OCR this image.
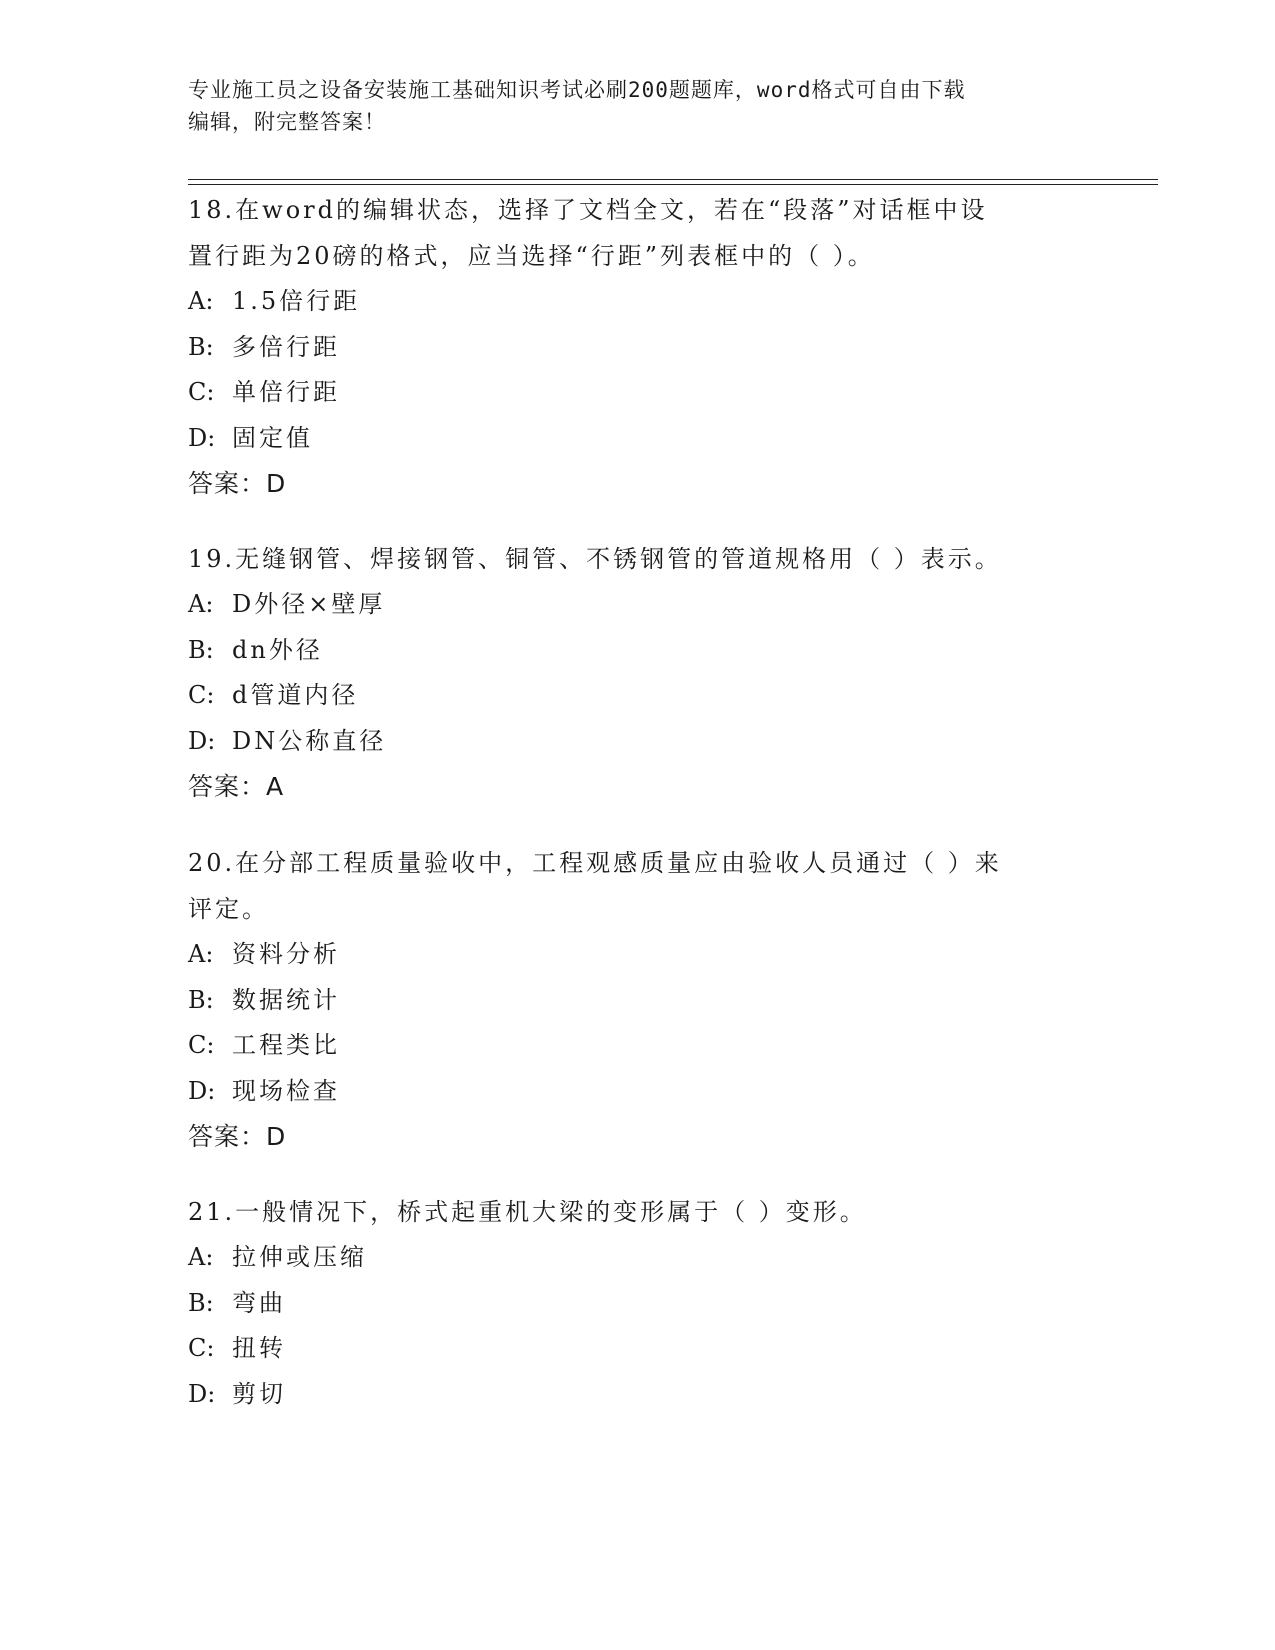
专业施工员之设备安装施工基础知识考试必刷200题题库，word格式可自由下载
编辑，附完整答案！
18.在word的编辑状态，选择了文档全文，若在“段落”对话框中设
置行距为20磅的格式，应当选择“行距”列表框中的（ ）。
A: 1.5倍行距
B: 多倍行距
C: 单倍行距
D: 固定值
答案：D
19.无缝钢管、焊接钢管、铜管、不锈钢管的管道规格用（ ）表示。
A: D外径×壁厚
B: dn外径
C: d管道内径
D: DN公称直径
答案：A
20.在分部工程质量验收中，工程观感质量应由验收人员通过（ ）来
评定。
A: 资料分析
B: 数据统计
C: 工程类比
D: 现场检查
答案：D
21.一般情况下，桥式起重机大梁的变形属于（ ）变形。
A: 拉伸或压缩
B: 弯曲
C: 扭转
D: 剪切
